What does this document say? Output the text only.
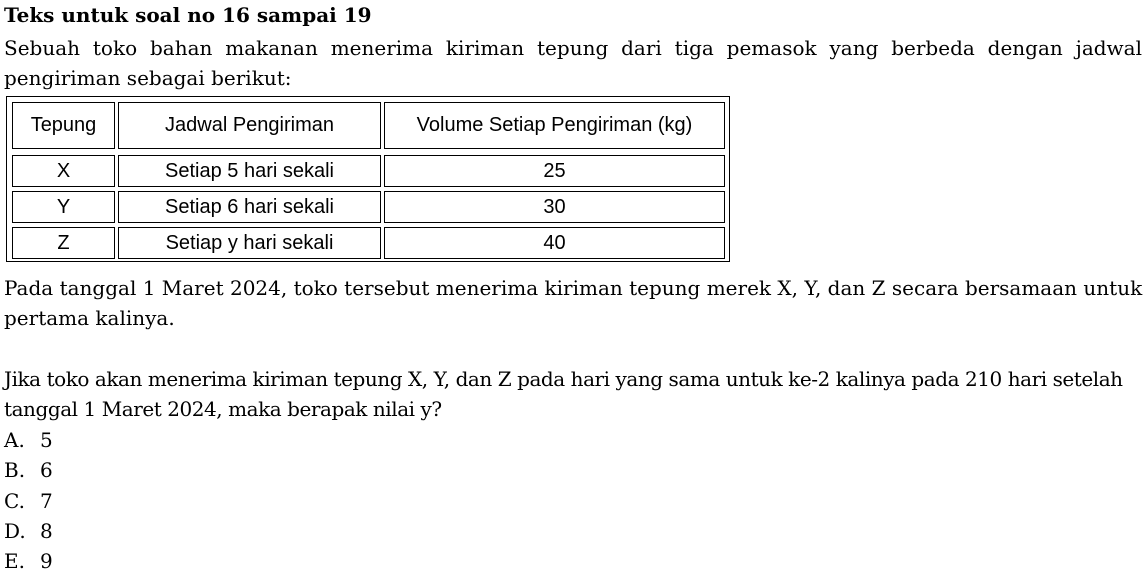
Teks untuk soal no 16 sampai 19
Sebuah toko bahan makanan menerima kiriman tepung dari tiga pemasok yang berbeda dengan jadwal pengiriman sebagai berikut:
Tepung	Jadwal Pengiriman	Volume Setiap Pengiriman (kg)
X	Setiap 5 hari sekali	25
Y	Setiap 6 hari sekali	30
Z	Setiap y hari sekali	40
Pada tanggal 1 Maret 2024, toko tersebut menerima kiriman tepung merek X, Y, dan Z secara bersamaan untuk pertama kalinya.
Jika toko akan menerima kiriman tepung X, Y, dan Z pada hari yang sama untuk ke-2 kalinya pada 210 hari setelah tanggal 1 Maret 2024, maka berapak nilai y?
A. 5
B. 6
C. 7
D. 8
E. 9
